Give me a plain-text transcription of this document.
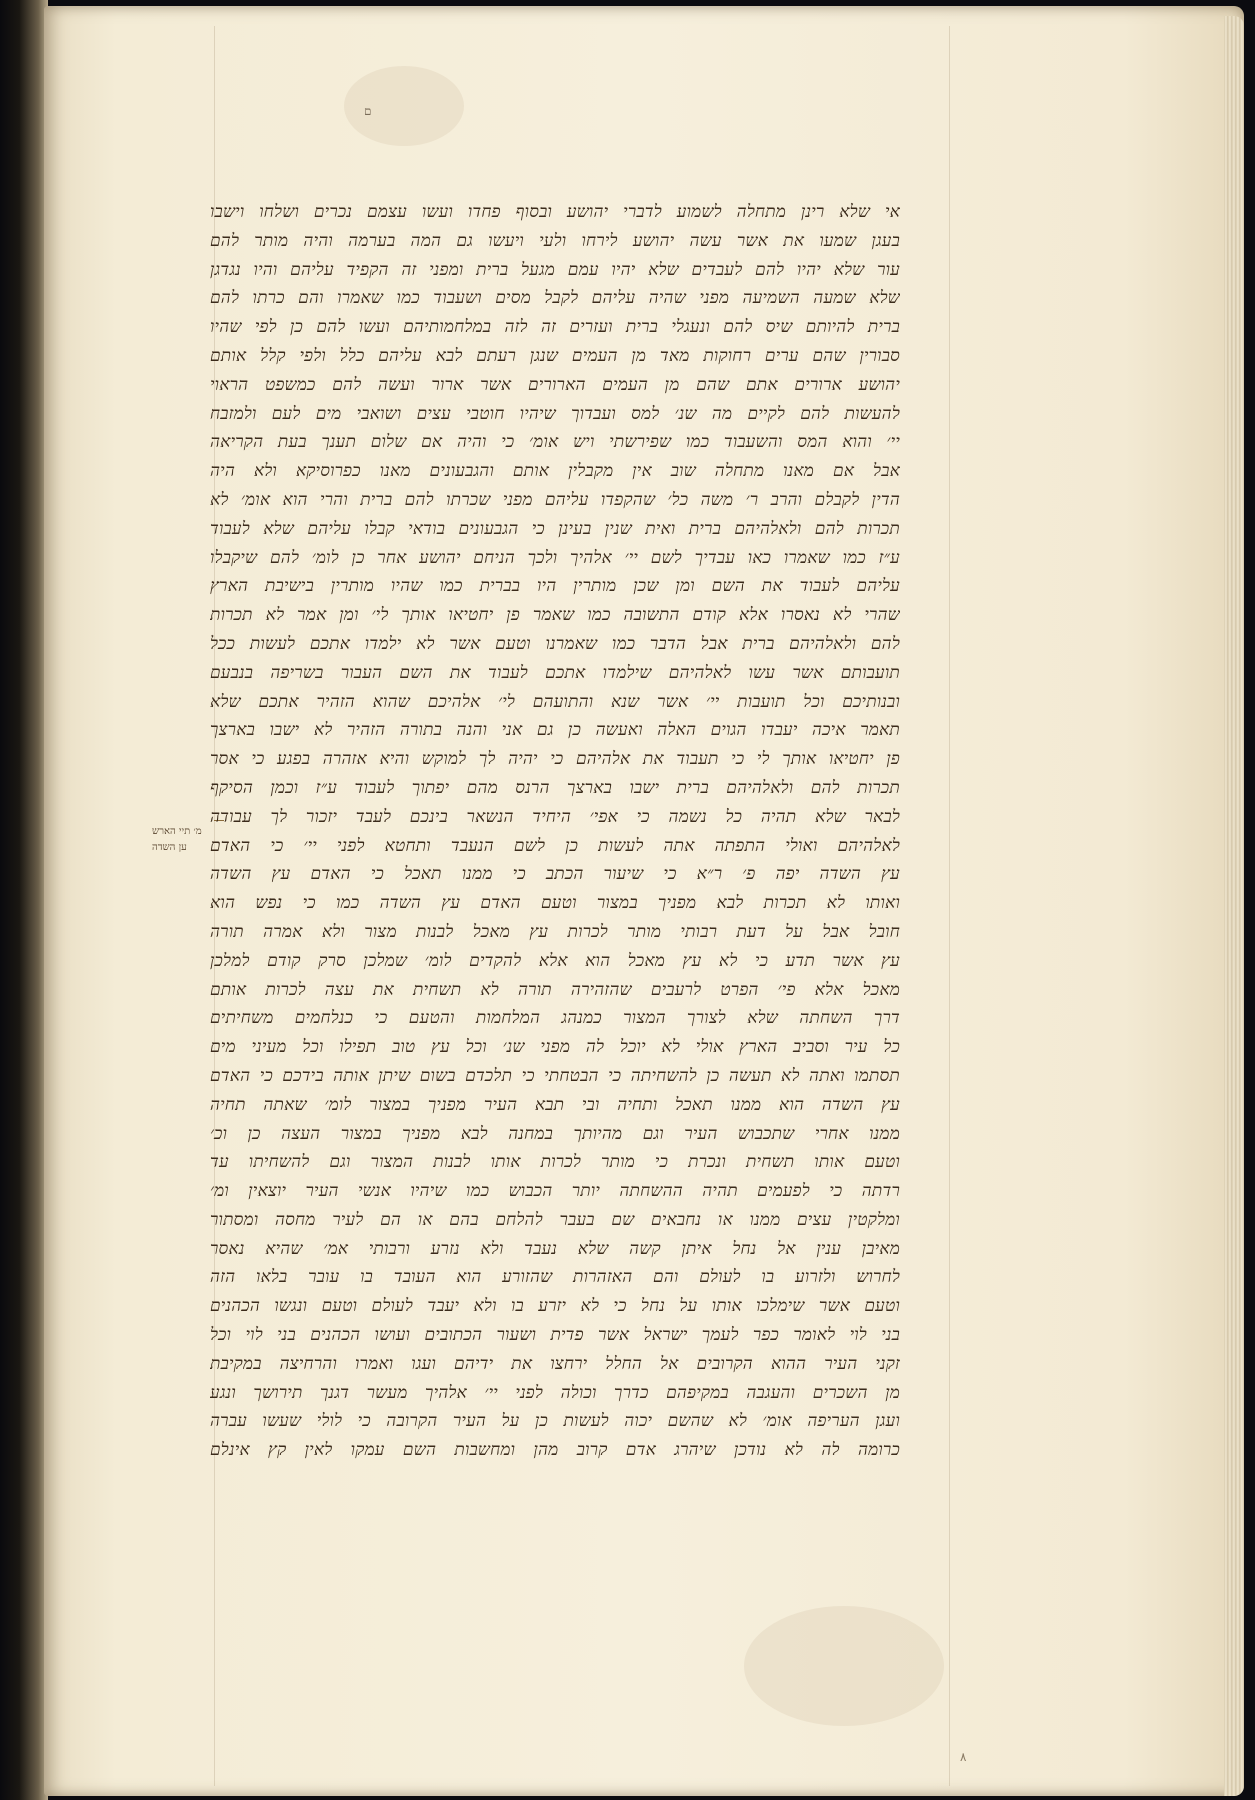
ם
מ׳ תיי הארש
ען השדה
אי שלא רינן מתחלה לשמוע לדברי יהושע ובסוף פחדו ועשו עצמם נכרים ושלחו וישבו
בעגן שמעו את אשר עשה יהושע לירחו ולעי ויעשו גם המה בערמה והיה מותר להם
עור שלא יהיו להם לעבדים שלא יהיו עמם מגעל ברית ומפני זה הקפיד עליהם והיו נגדגן
שלא שמעה השמיעה מפני שהיה עליהם לקבל מסים ושעבוד כמו שאמרו והם כרתו להם
ברית להיותם שיס להם ונעגלי ברית ועזרים זה לזה במלחמותיהם ועשו להם כן לפי שהיו
סבורין שהם ערים רחוקות מאד מן העמים שנגן רעתם לבא עליהם כלל ולפי קלל אותם
יהושע ארורים אתם שהם מן העמים הארורים אשר ארור ועשה להם כמשפט הראוי
להעשות להם לקיים מה שנ׳ למס ועבדוך שיהיו חוטבי עצים ושואבי מים לעם ולמזבח
יי׳ והוא המס והשעבוד כמו שפירשתי ויש אומ׳ כי והיה אם שלום תענך בעת הקריאה
אבל אם מאנו מתחלה שוב אין מקבלין אותם והגבעונים מאנו כפרוסיקא ולא היה
הדין לקבלם והרב ר׳ משה כל׳ שהקפדו עליהם מפני שכרתו להם ברית והרי הוא אומ׳ לא
תכרות להם ולאלהיהם ברית ואית שנין בעינן כי הגבעונים בודאי קבלו עליהם שלא לעבוד
ע״ז כמו שאמרו כאו עבדיך לשם יי׳ אלהיך ולכך הניחם יהושע אחר כן לומ׳ להם שיקבלו
עליהם לעבוד את השם ומן שכן מותרין היו בברית כמו שהיו מותרין בישיבת הארץ
שהרי לא נאסרו אלא קודם התשובה כמו שאמר פן יחטיאו אותך לי׳ ומן אמר לא תכרות
להם ולאלהיהם ברית אבל הדבר כמו שאמרנו וטעם אשר לא ילמדו אתכם לעשות ככל
תועבותם אשר עשו לאלהיהם שילמדו אתכם לעבוד את השם העבור בשריפה בנבעם
ובנותיכם וכל תועבות יי׳ אשר שנא והתועהם לי׳ אלהיכם שהוא הזהיר אתכם שלא
תאמר איכה יעבדו הגוים האלה ואעשה כן גם אני והנה בתורה הזהיר לא ישבו בארצך
פן יחטיאו אותך לי כי תעבוד את אלהיהם כי יהיה לך למוקש והיא אזהרה בפגע כי אסר
תכרות להם ולאלהיהם ברית ישבו בארצך הרנס מהם יפתוך לעבוד ע״ז וכמן הסיקף
לבאר שלא תהיה כל נשמה כי אפי׳ היחיד הנשאר בינכם לעבד יזכור לך עבודה
לאלהיהם ואולי התפתה אתה לעשות כן לשם הנעבד ותחטא לפני יי׳ כי האדם
עץ השדה יפה פ׳ ר״א כי שיעור הכתב כי ממנו תאכל כי האדם עץ השדה
ואותו לא תכרות לבא מפניך במצור וטעם האדם עץ השדה כמו כי נפש הוא
חובל אבל על דעת רבותי מותר לכרות עץ מאכל לבנות מצור ולא אמרה תורה
עץ אשר תדע כי לא עץ מאכל הוא אלא להקדים לומ׳ שמלכן סרק קודם למלכן
מאכל אלא פי׳ הפרט לרעבים שהזהירה תורה לא תשחית את עצה לכרות אותם
דרך השחתה שלא לצורך המצור כמנהג המלחמות והטעם כי כנלחמים משחיתים
כל עיר וסביב הארץ אולי לא יוכל לה מפני שנ׳ וכל עץ טוב תפילו וכל מעיני מים
תסתמו ואתה לא תעשה כן להשחיתה כי הבטחתי כי תלכדם בשום שיתן אותה בידכם כי האדם
עץ השדה הוא ממנו תאכל ותחיה ובי תבא העיר מפניך במצור לומ׳ שאתה תחיה
ממנו אחרי שתכבוש העיר וגם מהיותך במחנה לבא מפניך במצור העצה כן וכ׳
וטעם אותו תשחית ונכרת כי מותר לכרות אותו לבנות המצור וגם להשחיתו עד
רדתה כי לפעמים תהיה ההשחתה יותר הכבוש כמו שיהיו אנשי העיר יוצאין ומ׳
ומלקטין עצים ממנו או נחבאים שם בעבר להלחם בהם או הם לעיר מחסה ומסתור
מאיבן ענין אל נחל איתן קשה שלא נעבד ולא נזרע ורבותי אמ׳ שהיא נאסר
לחרוש ולזרוע בו לעולם והם האזהרות שהזורע הוא העובד בו עובר בלאו הזה
וטעם אשר שימלכו אותו על נחל כי לא יזרע בו ולא יעבד לעולם וטעם ונגשו הכהנים
בני לוי לאומר כפר לעמך ישראל אשר פדית ושעור הכתובים ועושו הכהנים בני לוי וכל
זקני העיר ההוא הקרובים אל החלל ירחצו את ידיהם ועגו ואמרו והרחיצה במקיבת
מן השכרים והעגבה במקיפהם כדרך וכולה לפני יי׳ אלהיך מעשר דגנך תירושך ונגע
ועגן העריפה אומ׳ לא שהשם יכוה לעשות כן על העיר הקרובה כי לולי שעשו עברה
כרומה לה לא נודכן שיהרג אדם קרוב מהן ומחשבות השם עמקו לאין קץ אינלם
٨
